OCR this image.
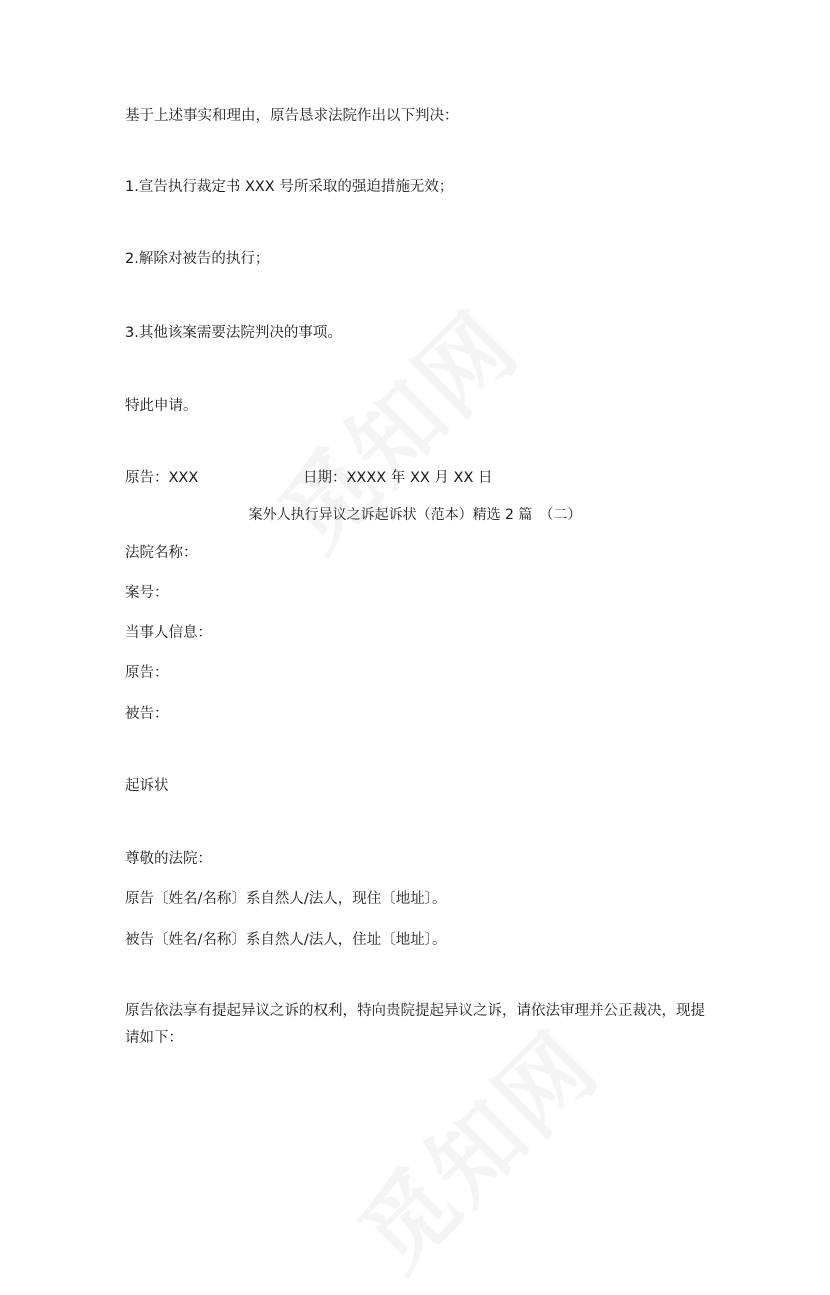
基于上述事实和理由，原告恳求法院作出以下判决：
1.宣告执行裁定书 XXX 号所采取的强迫措施无效；
2.解除对被告的执行；
3.其他该案需要法院判决的事项。
特此申请。
原告：XXX	日期：XXXX 年 XX 月 XX 日
案外人执行异议之诉起诉状（范本）精选 2 篇　（二）
法院名称：
案号：
当事人信息：
原告：
被告：
起诉状
尊敬的法院：
原告〔姓名/名称〕系自然人/法人，现住〔地址〕。
被告〔姓名/名称〕系自然人/法人，住址〔地址〕。
原告依法享有提起异议之诉的权利，特向贵院提起异议之诉，请依法审理并公正裁决，现提请如下：
